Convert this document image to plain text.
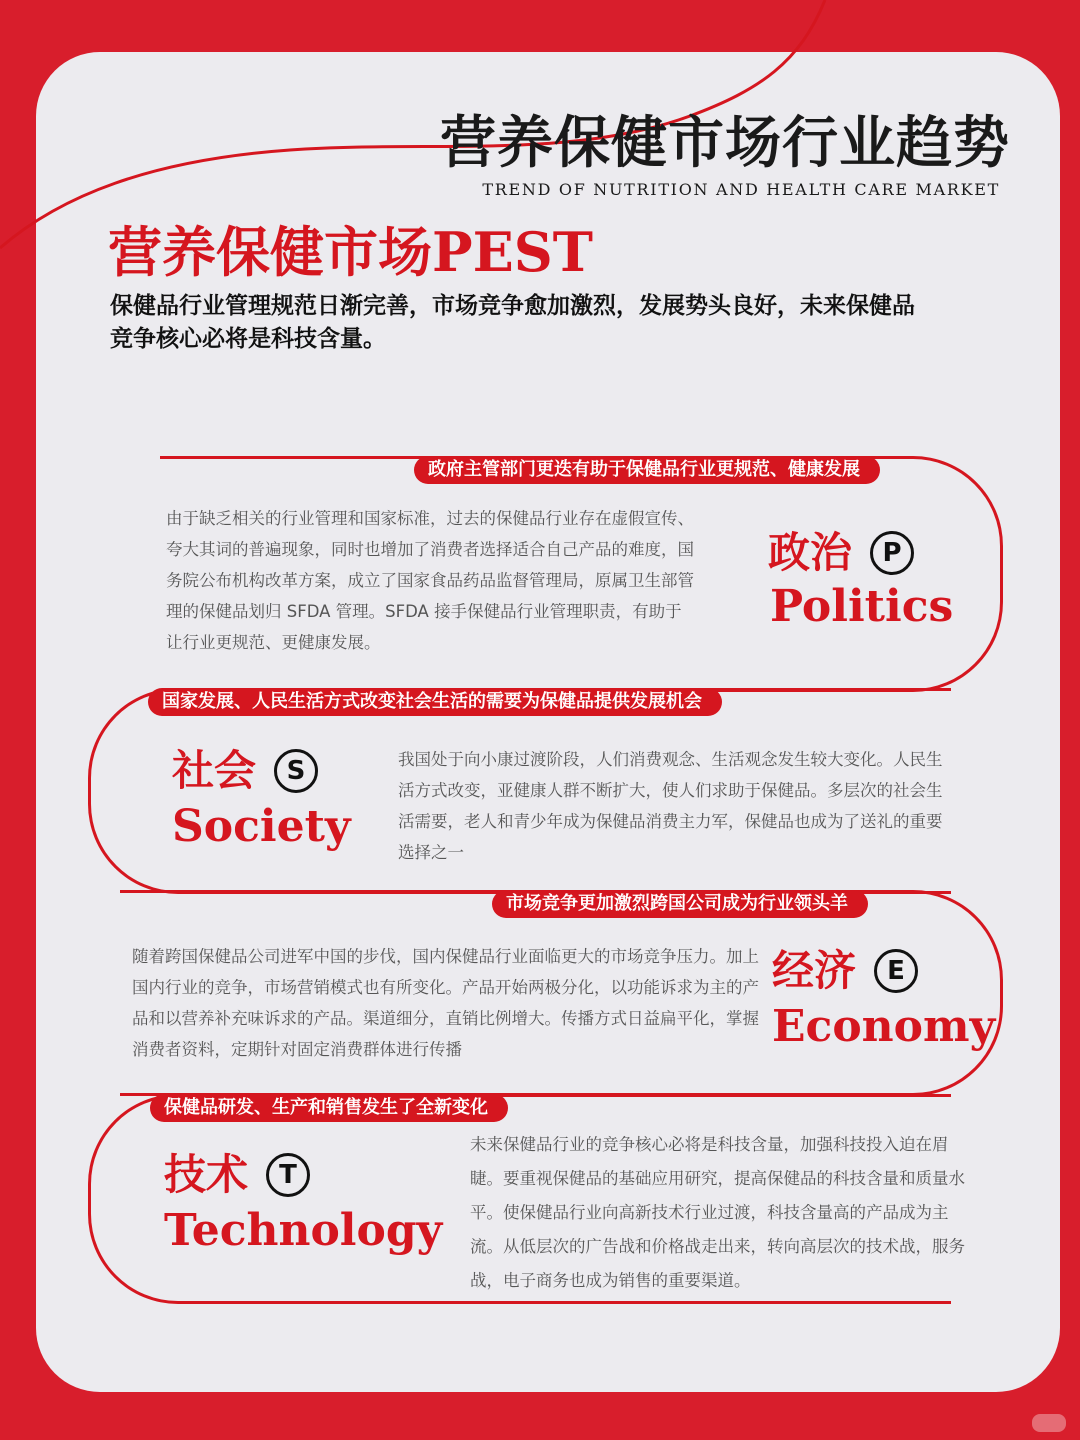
营养保健市场行业趋势
TREND OF NUTRITION AND HEALTH CARE MARKET
营养保健市场PEST
保健品行业管理规范日渐完善，市场竞争愈加激烈，发展势头良好，未来保健品竞争核心必将是科技含量。
政府主管部门更迭有助于保健品行业更规范、健康发展
由于缺乏相关的行业管理和国家标准，过去的保健品行业存在虚假宣传、夸大其词的普遍现象，同时也增加了消费者选择适合自己产品的难度，国务院公布机构改革方案，成立了国家食品药品监督管理局，原属卫生部管理的保健品划归 SFDA 管理。SFDA 接手保健品行业管理职责，有助于让行业更规范、更健康发展。
政治 P
Politics
国家发展、人民生活方式改变社会生活的需要为保健品提供发展机会
社会 S
Society
我国处于向小康过渡阶段，人们消费观念、生活观念发生较大变化。人民生活方式改变，亚健康人群不断扩大，使人们求助于保健品。多层次的社会生活需要，老人和青少年成为保健品消费主力军，保健品也成为了送礼的重要选择之一
市场竞争更加激烈跨国公司成为行业领头羊
随着跨国保健品公司进军中国的步伐，国内保健品行业面临更大的市场竞争压力。加上国内行业的竞争，市场营销模式也有所变化。产品开始两极分化，以功能诉求为主的产品和以营养补充味诉求的产品。渠道细分，直销比例增大。传播方式日益扁平化，掌握消费者资料，定期针对固定消费群体进行传播
经济 E
Economy
保健品研发、生产和销售发生了全新变化
技术 T
Technology
未来保健品行业的竞争核心必将是科技含量，加强科技投入迫在眉睫。要重视保健品的基础应用研究，提高保健品的科技含量和质量水平。使保健品行业向高新技术行业过渡，科技含量高的产品成为主流。从低层次的广告战和价格战走出来，转向高层次的技术战，服务战，电子商务也成为销售的重要渠道。
